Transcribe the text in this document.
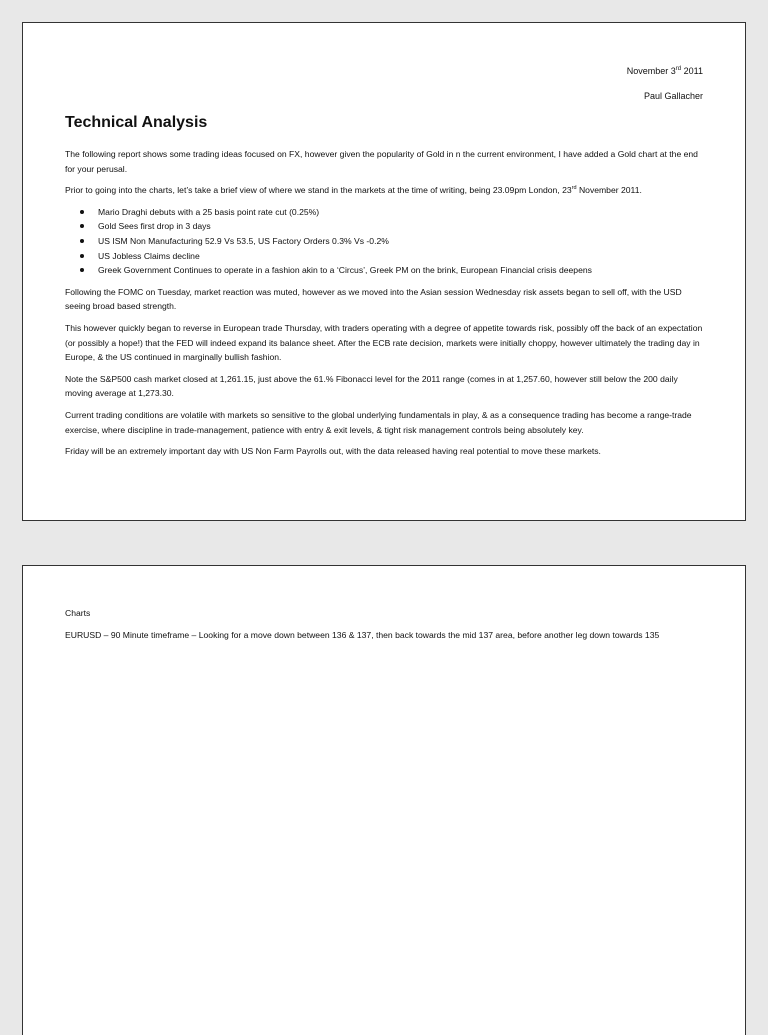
November 3rd 2011
Paul Gallacher
Technical Analysis

The following report shows some trading ideas focused on FX, however given the popularity of Gold in n the current environment, I have added a Gold chart at the end for your perusal.

Prior to going into the charts, let’s take a brief view of where we stand in the markets at the time of writing, being 23.09pm London, 23rd November 2011.

Mario Draghi debuts with a 25 basis point rate cut (0.25%)
Gold Sees first drop in 3 days
US ISM Non Manufacturing 52.9 Vs 53.5, US Factory Orders 0.3% Vs -0.2%
US Jobless Claims decline
Greek Government Continues to operate in a fashion akin to a ‘Circus’, Greek PM on the brink, European Financial crisis deepens

Following the FOMC on Tuesday, market reaction was muted, however as we moved into the Asian session Wednesday risk assets began to sell off, with the USD seeing broad based strength.

This however quickly began to reverse in European trade Thursday, with traders operating with a degree of appetite towards risk, possibly off the back of an expectation (or possibly a hope!) that the FED will indeed expand its balance sheet. After the ECB rate decision, markets were initially choppy, however ultimately the trading day in Europe, & the US continued in marginally bullish fashion.

Note the S&P500 cash market closed at 1,261.15, just above the 61.% Fibonacci level for the 2011 range (comes in at 1,257.60, however still below the 200 daily moving average at 1,273.30.

Current trading conditions are volatile with markets so sensitive to the global underlying fundamentals in play, & as a consequence trading has become a range-trade exercise, where discipline in trade-management, patience with entry & exit levels, & tight risk management controls being absolutely key.

Friday will be an extremely important day with US Non Farm Payrolls out, with the data released having real potential to move these markets.

Charts

EURUSD – 90 Minute timeframe – Looking for a move down between 136 & 137, then back towards the mid 137 area, before another leg down towards 135
